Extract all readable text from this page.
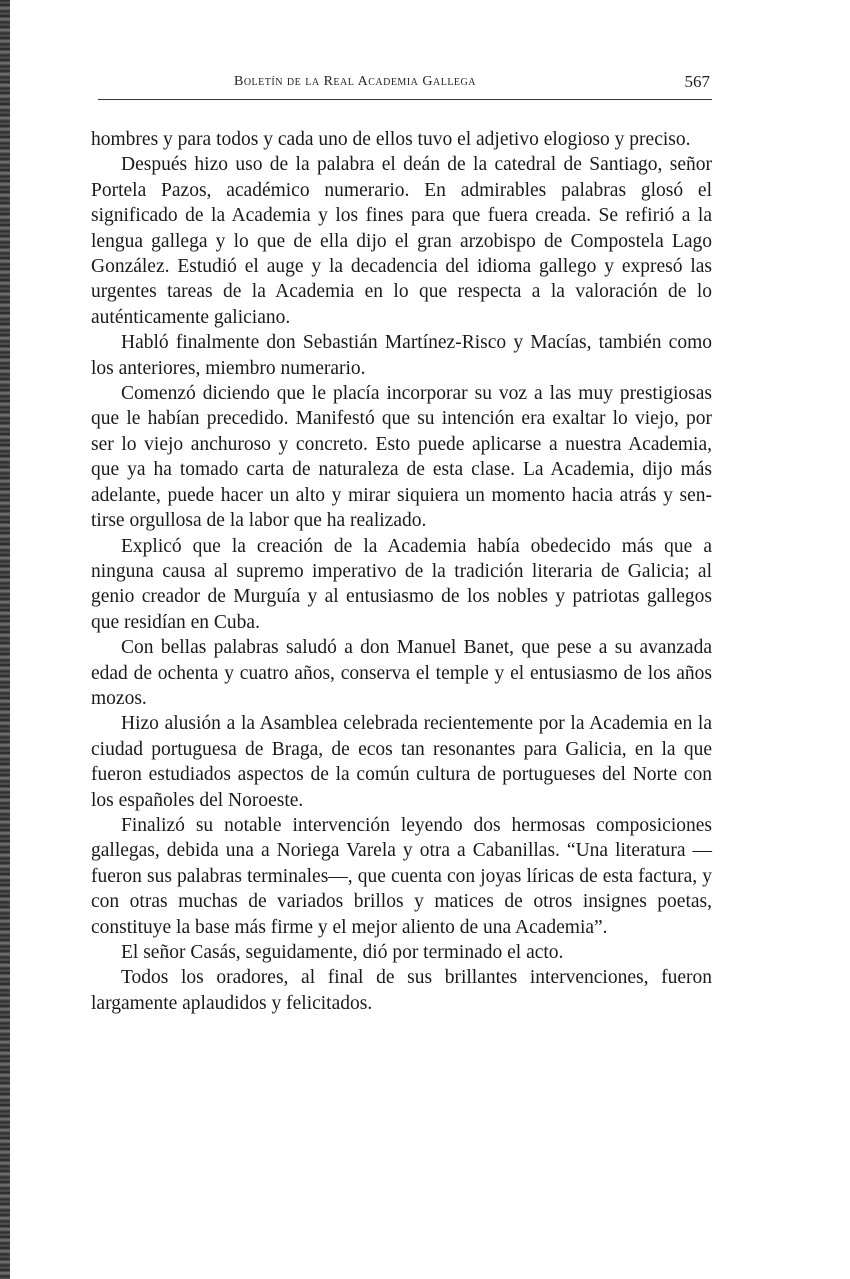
Boletín de la Real Academia Gallega	567

hombres y para todos y cada uno de ellos tuvo el adjetivo elogioso y preciso.

Después hizo uso de la palabra el deán de la catedral de Santiago, señor Portela Pazos, académico numerario. En admirables palabras glosó el significado de la Academia y los fines para que fuera creada. Se refirió a la lengua gallega y lo que de ella dijo el gran arzobispo de Compostela Lago González. Estudió el auge y la decadencia del idioma gallego y expresó las urgentes tareas de la Academia en lo que respecta a la valoración de lo auténticamente galiciano.

Habló finalmente don Sebastián Martínez-Risco y Macías, también como los anteriores, miembro numerario.

Comenzó diciendo que le placía incorporar su voz a las muy prestigiosas que le habían precedido. Manifestó que su intención era exaltar lo viejo, por ser lo viejo anchuroso y concreto. Esto puede aplicarse a nuestra Academia, que ya ha tomado carta de naturaleza de esta clase. La Academia, dijo más adelante, puede hacer un alto y mirar siquiera un momento hacia atrás y sentirse orgullosa de la labor que ha realizado.

Explicó que la creación de la Academia había obedecido más que a ninguna causa al supremo imperativo de la tradición literaria de Galicia; al genio creador de Murguía y al entusiasmo de los nobles y patriotas gallegos que residían en Cuba.

Con bellas palabras saludó a don Manuel Banet, que pese a su avanzada edad de ochenta y cuatro años, conserva el temple y el entusiasmo de los años mozos.

Hizo alusión a la Asamblea celebrada recientemente por la Academia en la ciudad portuguesa de Braga, de ecos tan resonantes para Galicia, en la que fueron estudiados aspectos de la común cultura de portugueses del Norte con los españoles del Noroeste.

Finalizó su notable intervención leyendo dos hermosas composiciones gallegas, debida una a Noriega Varela y otra a Cabanillas. “Una literatura —fueron sus palabras terminales—, que cuenta con joyas líricas de esta factura, y con otras muchas de variados brillos y matices de otros insignes poetas, constituye la base más firme y el mejor aliento de una Academia”.

El señor Casás, seguidamente, dió por terminado el acto.

Todos los oradores, al final de sus brillantes intervenciones, fueron largamente aplaudidos y felicitados.
